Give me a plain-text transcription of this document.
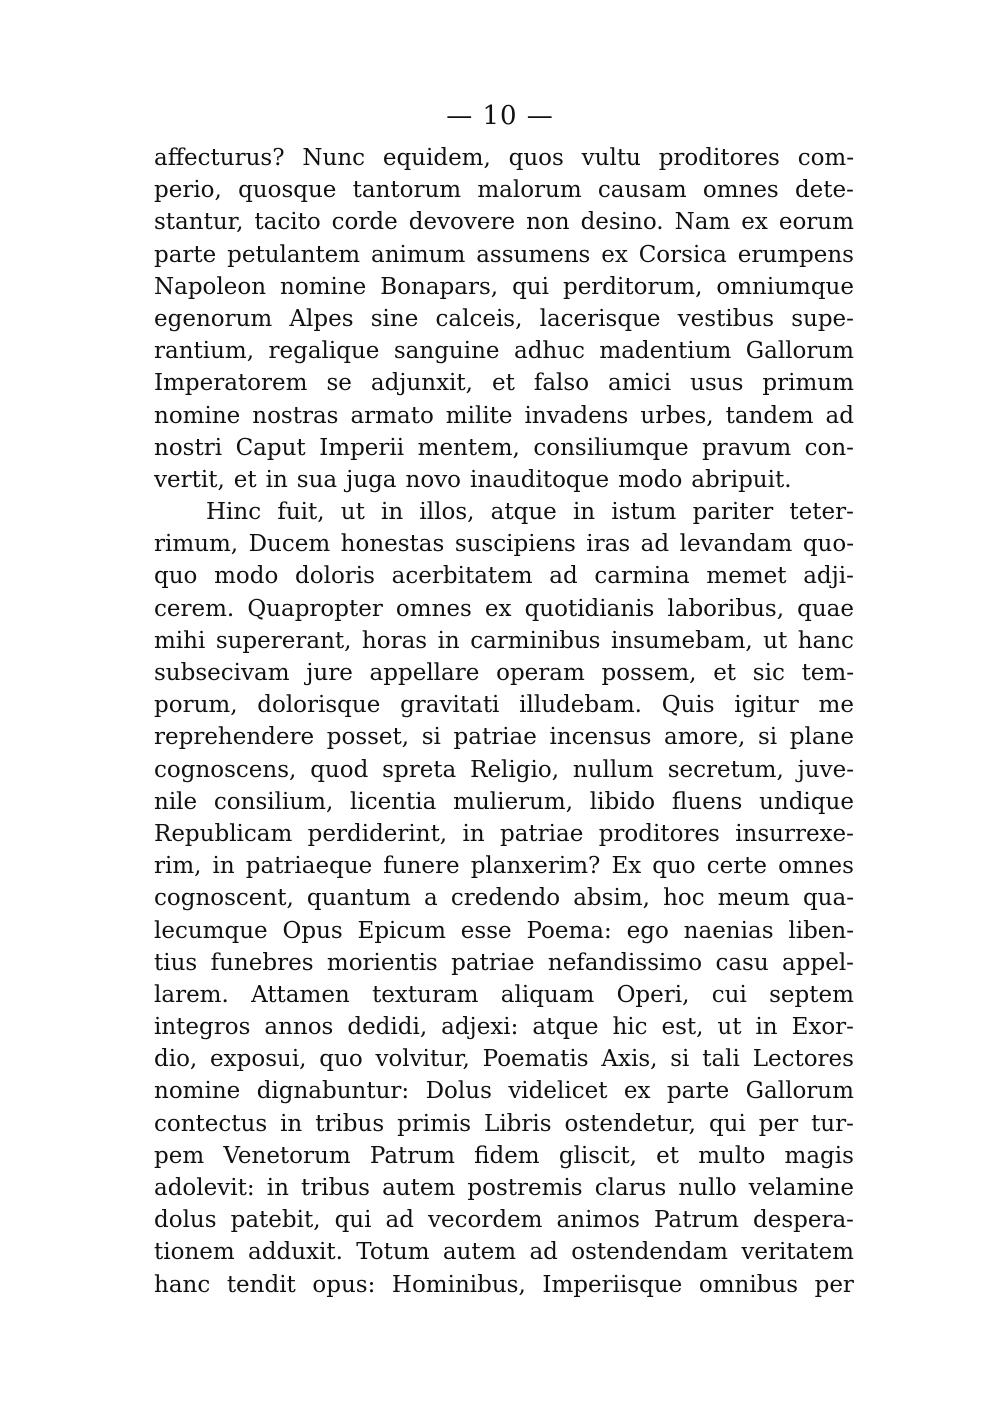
— 10 —
affecturus? Nunc equidem, quos vultu proditores com-
perio, quosque tantorum malorum causam omnes dete-
stantur, tacito corde devovere non desino. Nam ex eorum
parte petulantem animum assumens ex Corsica erumpens
Napoleon nomine Bonapars, qui perditorum, omniumque
egenorum Alpes sine calceis, lacerisque vestibus supe-
rantium, regalique sanguine adhuc madentium Gallorum
Imperatorem se adjunxit, et falso amici usus primum
nomine nostras armato milite invadens urbes, tandem ad
nostri Caput Imperii mentem, consiliumque pravum con-
vertit, et in sua juga novo inauditoque modo abripuit.
Hinc fuit, ut in illos, atque in istum pariter teter-
rimum, Ducem honestas suscipiens iras ad levandam quo-
quo modo doloris acerbitatem ad carmina memet adji-
cerem. Quapropter omnes ex quotidianis laboribus, quae
mihi supererant, horas in carminibus insumebam, ut hanc
subsecivam jure appellare operam possem, et sic tem-
porum, dolorisque gravitati illudebam. Quis igitur me
reprehendere posset, si patriae incensus amore, si plane
cognoscens, quod spreta Religio, nullum secretum, juve-
nile consilium, licentia mulierum, libido fluens undique
Republicam perdiderint, in patriae proditores insurrexe-
rim, in patriaeque funere planxerim? Ex quo certe omnes
cognoscent, quantum a credendo absim, hoc meum qua-
lecumque Opus Epicum esse Poema: ego naenias liben-
tius funebres morientis patriae nefandissimo casu appel-
larem. Attamen texturam aliquam Operi, cui septem
integros annos dedidi, adjexi: atque hic est, ut in Exor-
dio, exposui, quo volvitur, Poematis Axis, si tali Lectores
nomine dignabuntur: Dolus videlicet ex parte Gallorum
contectus in tribus primis Libris ostendetur, qui per tur-
pem Venetorum Patrum fidem gliscit, et multo magis
adolevit: in tribus autem postremis clarus nullo velamine
dolus patebit, qui ad vecordem animos Patrum despera-
tionem adduxit. Totum autem ad ostendendam veritatem
hanc tendit opus: Hominibus, Imperiisque omnibus per
